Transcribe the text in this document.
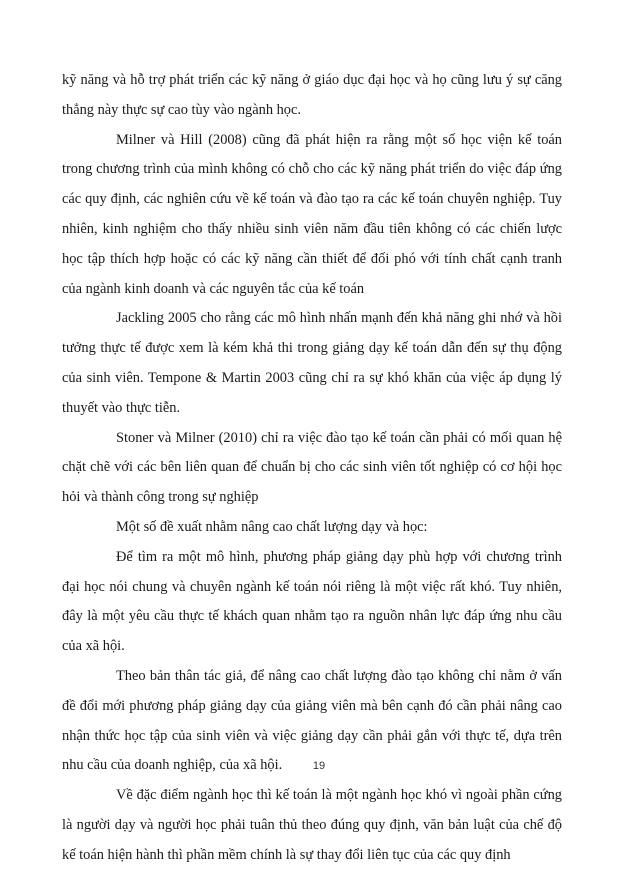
kỹ năng và hỗ trợ phát triển các kỹ năng ở giáo dục đại học và họ cũng lưu ý sự căng thẳng này thực sự cao tùy vào ngành học.

Milner và Hill (2008) cũng đã phát hiện ra rằng một số học viện kế toán trong chương trình của mình không có chỗ cho các kỹ năng phát triển do việc đáp ứng các quy định, các nghiên cứu về kế toán và đào tạo ra các kế toán chuyên nghiệp. Tuy nhiên, kinh nghiệm cho thấy nhiều sinh viên năm đầu tiên không có các chiến lược học tập thích hợp hoặc có các kỹ năng cần thiết để đối phó với tính chất cạnh tranh của ngành kinh doanh và các nguyên tắc của kế toán

Jackling 2005 cho rằng các mô hình nhấn mạnh đến khả năng ghi nhớ và hồi tưởng thực tế được xem là kém khả thi trong giảng dạy kế toán dẫn đến sự thụ động của sinh viên. Tempone & Martin 2003 cũng chỉ ra sự khó khăn của việc áp dụng lý thuyết vào thực tiễn.

Stoner và Milner (2010) chỉ ra việc đào tạo kế toán cần phải có mối quan hệ chặt chẽ với các bên liên quan để chuẩn bị cho các sinh viên tốt nghiệp có cơ hội học hỏi và thành công trong sự nghiệp

Một số đề xuất nhằm nâng cao chất lượng dạy và học:

Để tìm ra một mô hình, phương pháp giảng dạy phù hợp với chương trình đại học nói chung và chuyên ngành kế toán nói riêng là một việc rất khó. Tuy nhiên, đây là một yêu cầu thực tế khách quan nhằm tạo ra nguồn nhân lực đáp ứng nhu cầu của xã hội.

Theo bản thân tác giả, để nâng cao chất lượng đào tạo không chỉ nằm ở vấn đề đổi mới phương pháp giảng dạy của giảng viên mà bên cạnh đó cần phải nâng cao nhận thức học tập của sinh viên và việc giảng dạy cần phải gắn với thực tế, dựa trên nhu cầu của doanh nghiệp, của xã hội.

Về đặc điểm ngành học thì kế toán là một ngành học khó vì ngoài phần cứng là người dạy và người học phải tuân thủ theo đúng quy định, văn bản luật của chế độ kế toán hiện hành thì phần mềm chính là sự thay đổi liên tục của các quy định

19
